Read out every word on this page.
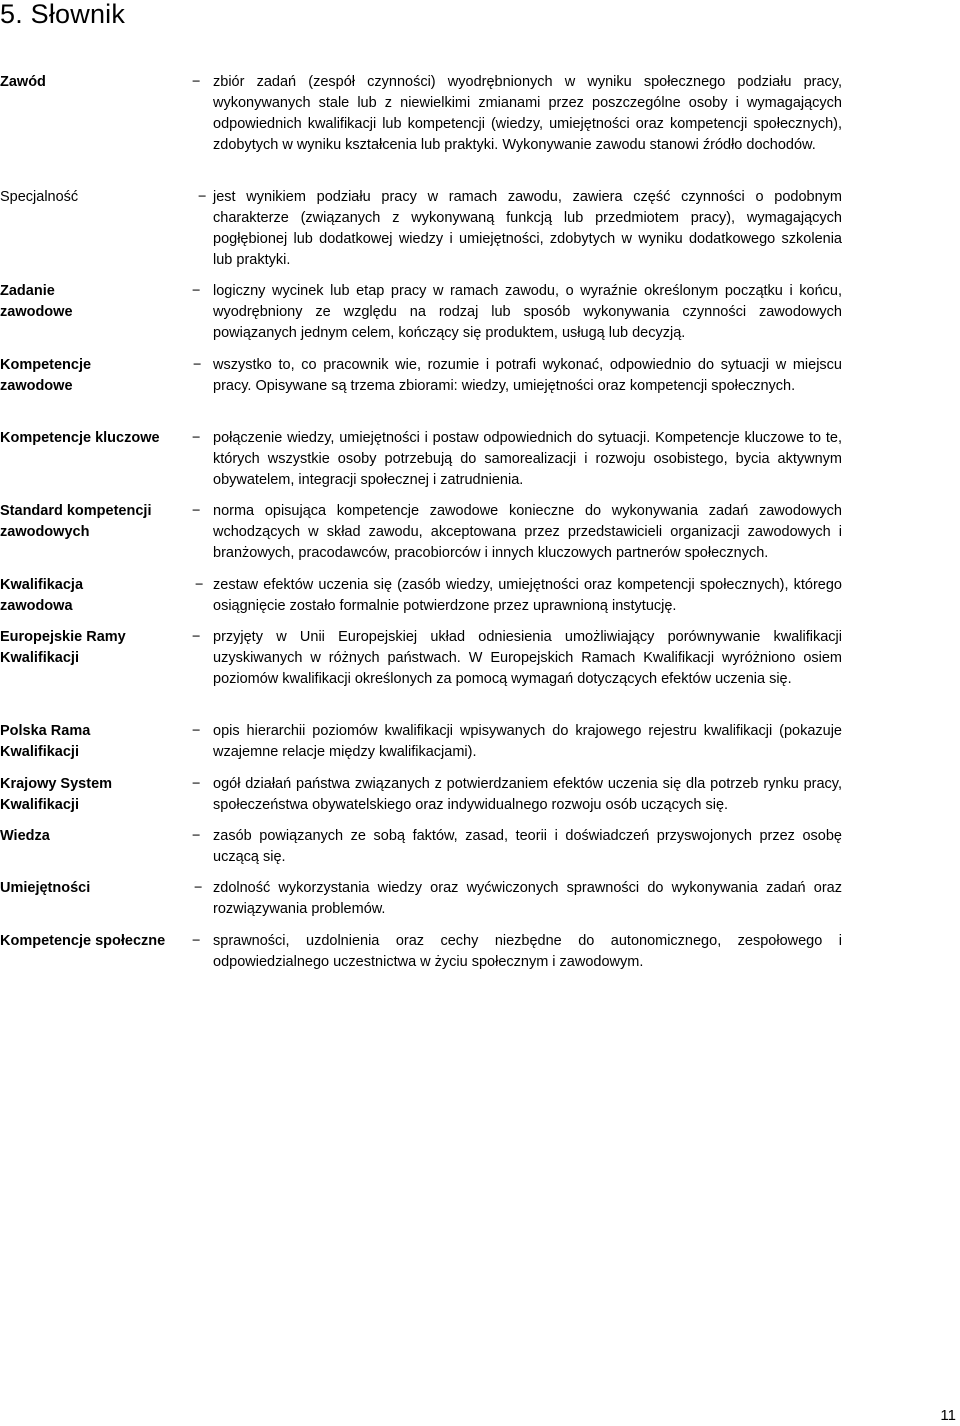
5. Słownik
Zawód	− zbiór zadań (zespół czynności) wyodrębnionych w wyniku społecznego podziału pracy, wykonywanych stale lub z niewielkimi zmianami przez poszczególne osoby i wymagających odpowiednich kwalifikacji lub kompetencji (wiedzy, umiejętności oraz kompetencji społecznych), zdobytych w wyniku kształcenia lub praktyki. Wykonywanie zawodu stanowi źródło dochodów.
Specjalność	− jest wynikiem podziału pracy w ramach zawodu, zawiera część czynności o podobnym charakterze (związanych z wykonywaną funkcją lub przedmiotem pracy), wymagających pogłębionej lub dodatkowej wiedzy i umiejętności, zdobytych w wyniku dodatkowego szkolenia lub praktyki.
Zadanie zawodowe
− logiczny wycinek lub etap pracy w ramach zawodu, o wyraźnie określonym początku i końcu, wyodrębniony ze względu na rodzaj lub sposób wykonywania czynności zawodowych powiązanych jednym celem, kończący się produktem, usługą lub decyzją.
Kompetencje zawodowe
− wszystko to, co pracownik wie, rozumie i potrafi wykonać, odpowiednio do sytuacji w miejscu pracy. Opisywane są trzema zbiorami: wiedzy, umiejętności oraz kompetencji społecznych.
Kompetencje kluczowe	− połączenie wiedzy, umiejętności i postaw odpowiednich do sytuacji. Kompetencje kluczowe to te, których wszystkie osoby potrzebują do samorealizacji i rozwoju osobistego, bycia aktywnym obywatelem, integracji społecznej i zatrudnienia.
Standard kompetencji zawodowych
− norma opisująca kompetencje zawodowe konieczne do wykonywania zadań zawodowych wchodzących w skład zawodu, akceptowana przez przedstawicieli organizacji zawodowych i branżowych, pracodawców, pracobiorców i innych kluczowych partnerów społecznych.
Kwalifikacja zawodowa
− zestaw efektów uczenia się (zasób wiedzy, umiejętności oraz kompetencji społecznych), którego osiągnięcie zostało formalnie potwierdzone przez uprawnioną instytucję.
Europejskie Ramy Kwalifikacji
− przyjęty w Unii Europejskiej układ odniesienia umożliwiający porównywanie kwalifikacji uzyskiwanych w różnych państwach. W Europejskich Ramach Kwalifikacji wyróżniono osiem poziomów kwalifikacji określonych za pomocą wymagań dotyczących efektów uczenia się.
Polska Rama Kwalifikacji
− opis hierarchii poziomów kwalifikacji wpisywanych do krajowego rejestru kwalifikacji (pokazuje wzajemne relacje między kwalifikacjami).
Krajowy System Kwalifikacji
− ogół działań państwa związanych z potwierdzaniem efektów uczenia się dla potrzeb rynku pracy, społeczeństwa obywatelskiego oraz indywidualnego rozwoju osób uczących się.
Wiedza	− zasób powiązanych ze sobą faktów, zasad, teorii i doświadczeń przyswojonych przez osobę uczącą się.
Umiejętności	− zdolność wykorzystania wiedzy oraz wyćwiczonych sprawności do wykonywania zadań oraz rozwiązywania problemów.
Kompetencje społeczne	− sprawności, uzdolnienia oraz cechy niezbędne do autonomicznego, zespołowego i odpowiedzialnego uczestnictwa w życiu społecznym i zawodowym.
11
